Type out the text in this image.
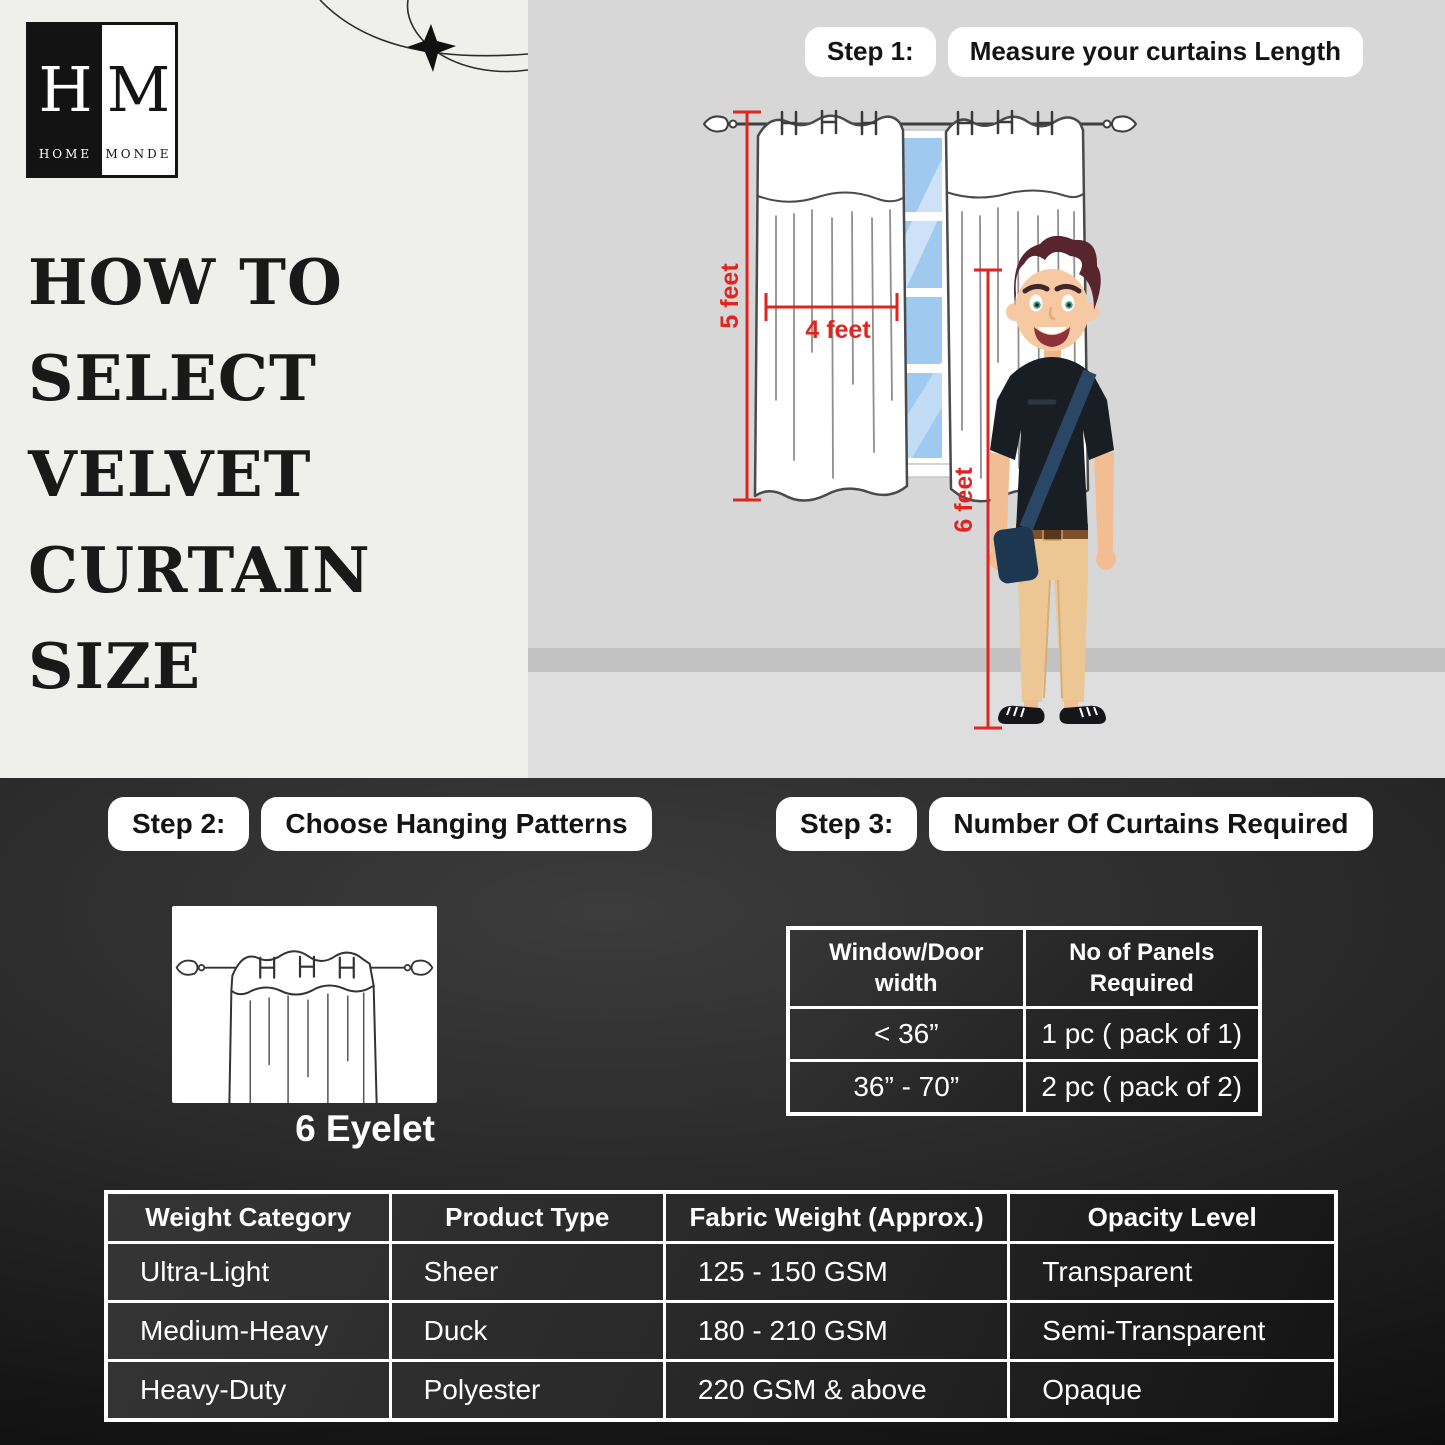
H
HOME
M
MONDE
HOW TO
SELECT
VELVET
CURTAIN
SIZE
Step 1:	Measure your curtains Length
5 feet
4 feet
6 feet
Step 2:	Choose Hanging Patterns	Step 3:	Number Of Curtains Required
6 Eyelet
Window/Door width	No of Panels Required
< 36”	1 pc ( pack of 1)
36” - 70”	2 pc ( pack of 2)
Weight Category	Product Type	Fabric Weight (Approx.)	Opacity Level
Ultra-Light	Sheer	125 - 150 GSM	Transparent
Medium-Heavy	Duck	180 - 210 GSM	Semi-Transparent
Heavy-Duty	Polyester	220 GSM & above	Opaque
